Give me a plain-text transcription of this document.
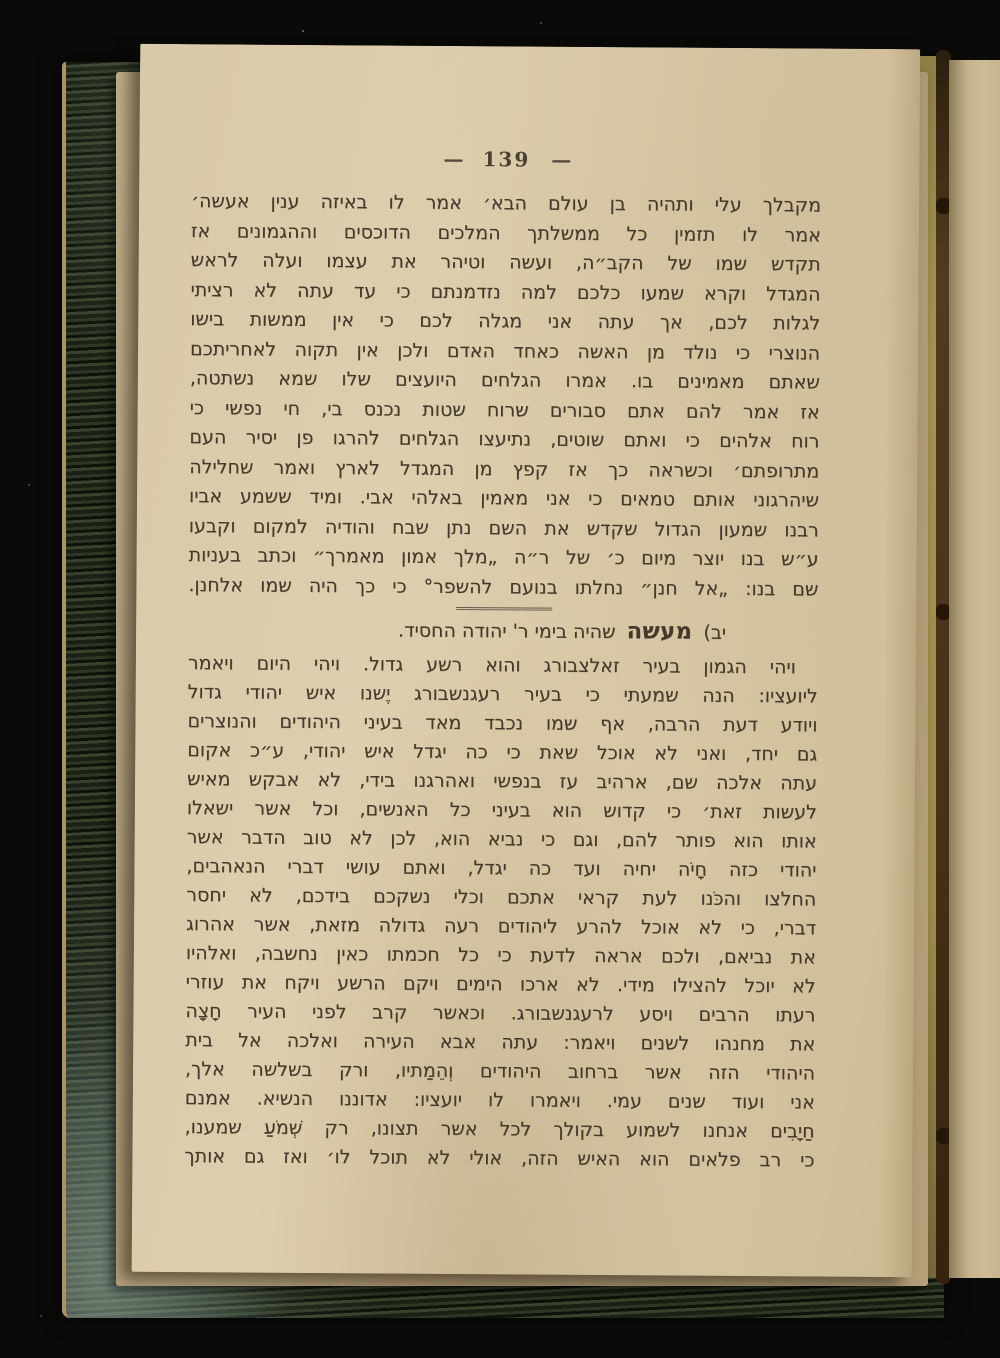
— 139 —
מקבלך עלי ותהיה בן עולם הבא׳ אמר לו באיזה ענין אעשה׳
אמר לו תזמין כל ממשלתך המלכים הדוכסים וההגמונים אז
תקדש שמו של הקב״ה, ועשה וטיהר את עצמו ועלה לראש
המגדל וקרא שמעו כלכם למה נזדמנתם כי עד עתה לא רציתי
לגלות לכם, אך עתה אני מגלה לכם כי אין ממשות בישו
הנוצרי כי נולד מן האשה כאחד האדם ולכן אין תקוה לאחריתכם
שאתם מאמינים בו. אמרו הגלחים היועצים שלו שמא נשתטה,
אז אמר להם אתם סבורים שרוח שטות נכנס בי, חי נפשי כי
רוח אלהים כי ואתם שוטים, נתיעצו הגלחים להרגו פן יסיר העם
מתרופתם׳ וכשראה כך אז קפץ מן המגדל לארץ ואמר שחלילה
שיהרגוני אותם טמאים כי אני מאמין באלהי אבי. ומיד ששמע אביו
רבנו שמעון הגדול שקדש את השם נתן שבח והודיה למקום וקבעו
ע״ש בנו יוצר מיום כ׳ של ר״ה „מלך אמון מאמרך״ וכתב בעניות
שם בנו: „אל חנן״ נחלתו בנועם להשפר° כי כך היה שמו אלחנן.
יב) מעשה שהיה בימי ר' יהודה החסיד.
ויהי הגמון בעיר זאלצבורג והוא רשע גדול. ויהי היום ויאמר
ליועציו: הנה שמעתי כי בעיר רעגנשבורג יֶשנו איש יהודי גדול
ויודע דעת הרבה, אף שמו נכבד מאד בעיני היהודים והנוצרים
גם יחד, ואני לא אוכל שאת כי כה יגדל איש יהודי, ע״כ אקום
עתה אלכה שם, ארהיב עז בנפשי ואהרגנו בידי, לא אבקש מאיש
לעשות זאת׳ כי קדוש הוא בעיני כל האנשים, וכל אשר ישאלו
אותו הוא פותר להם, וגם כי נביא הוא, לכן לא טוב הדבר אשר
יהודי כזה חָיֹה יחיה ועד כה יגדל, ואתם עושי דברי הנאהבים,
החלצו והכֹּנו לעת קראי אתכם וכלי נשקכם בידכם, לא יחסר
דברי, כי לא אוכל להרע ליהודים רעה גדולה מזאת, אשר אהרוג
את נביאם, ולכם אראה לדעת כי כל חכמתו כאין נחשבה, ואלהיו
לא יוכל להצילו מידי. לא ארכו הימים ויקם הרשע ויקח את עוזרי
רעתו הרבים ויסע לרעגנשבורג. וכאשר קרב לפני העיר חָצָה
את מחנהו לשנים ויאמר: עתה אבא העירה ואלכה אל בית
היהודי הזה אשר ברחוב היהודים וְהֵמַתיו, ורק בשלשה אלך,
אני ועוד שנים עמי. ויאמרו לו יועציו: אדוננו הנשיא. אמנם
חַיָבִים אנחנו לשמוע בקולך לכל אשר תצונו, רק שְׁמֹעַ שמענו,
כי רב פלאים הוא האיש הזה, אולי לא תוכל לו׳ ואז גם אותך
